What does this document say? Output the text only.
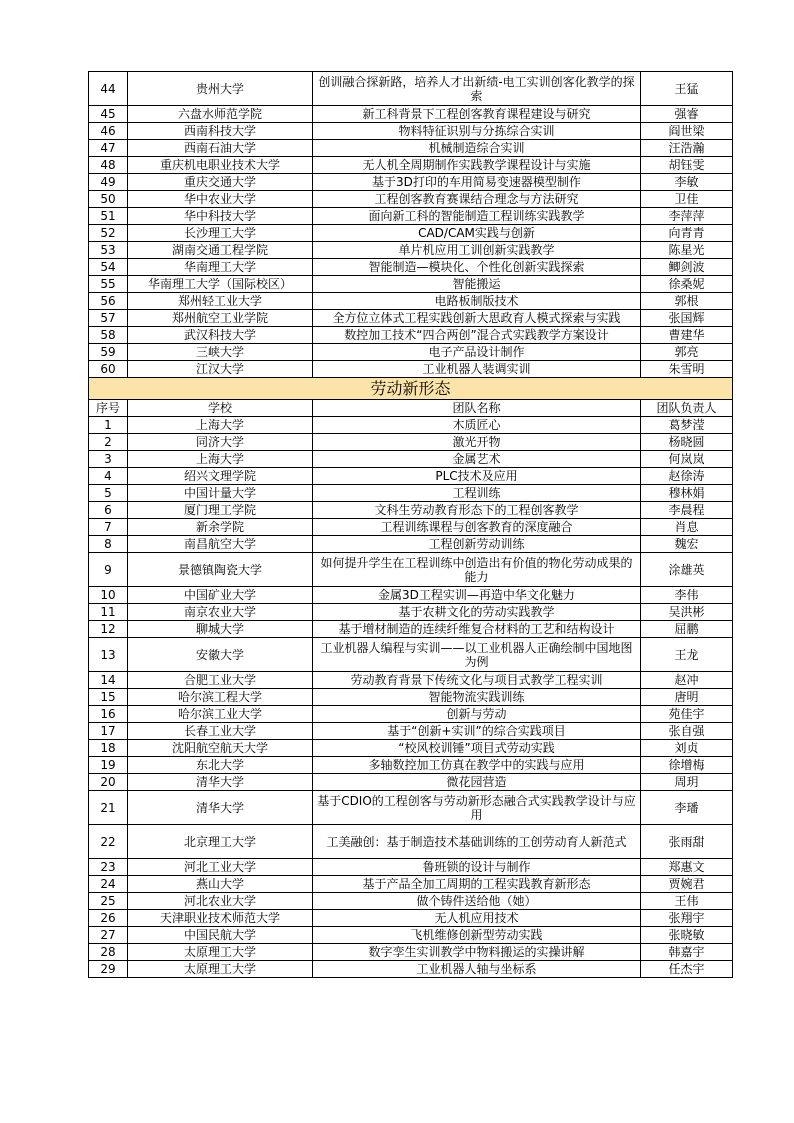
44	贵州大学	创训融合探新路，培养人才出新绩-电工实训创客化教学的探索	王猛
45	六盘水师范学院	新工科背景下工程创客教育课程建设与研究	强睿
46	西南科技大学	物料特征识别与分拣综合实训	阎世梁
47	西南石油大学	机械制造综合实训	汪浩瀚
48	重庆机电职业技术大学	无人机全周期制作实践教学课程设计与实施	胡钰雯
49	重庆交通大学	基于3D打印的车用简易变速器模型制作	李敏
50	华中农业大学	工程创客教育赛课结合理念与方法研究	卫佳
51	华中科技大学	面向新工科的智能制造工程训练实践教学	李萍萍
52	长沙理工大学	CAD/CAM实践与创新	向青青
53	湖南交通工程学院	单片机应用工训创新实践教学	陈星光
54	华南理工大学	智能制造—模块化、个性化创新实践探索	鲫剑波
55	华南理工大学（国际校区）	智能搬运	徐桑妮
56	郑州轻工业大学	电路板制版技术	郭根
57	郑州航空工业学院	全方位立体式工程实践创新大思政育人模式探索与实践	张国辉
58	武汉科技大学	数控加工技术“四合两创”混合式实践教学方案设计	曹建华
59	三峡大学	电子产品设计制作	郭亮
60	江汉大学	工业机器人装调实训	朱雪明
劳动新形态			
序号	学校	团队名称	团队负责人
1	上海大学	木质匠心	葛梦滢
2	同济大学	激光开物	杨晓圆
3	上海大学	金属艺术	何岚岚
4	绍兴文理学院	PLC技术及应用	赵徐涛
5	中国计量大学	工程训练	穆林娟
6	厦门理工学院	文科生劳动教育形态下的工程创客教学	李晨程
7	新余学院	工程训练课程与创客教育的深度融合	肖息
8	南昌航空大学	工程创新劳动训练	魏宏
9	景德镇陶瓷大学	如何提升学生在工程训练中创造出有价值的物化劳动成果的能力	涂雄英
10	中国矿业大学	金属3D工程实训—再造中华文化魅力	李伟
11	南京农业大学	基于农耕文化的劳动实践教学	吴洪彬
12	聊城大学	基于增材制造的连续纤维复合材料的工艺和结构设计	屈鹏
13	安徽大学	工业机器人编程与实训——以工业机器人正确绘制中国地图为例	王龙
14	合肥工业大学	劳动教育背景下传统文化与项目式教学工程实训	赵冲
15	哈尔滨工程大学	智能物流实践训练	唐明
16	哈尔滨工业大学	创新与劳动	苑佳宇
17	长春工业大学	基于“创新+实训”的综合实践项目	张自强
18	沈阳航空航天大学	“校风校训锤”项目式劳动实践	刘贞
19	东北大学	多轴数控加工仿真在教学中的实践与应用	徐增梅
20	清华大学	微花园营造	周玥
21	清华大学	基于CDIO的工程创客与劳动新形态融合式实践教学设计与应用	李璠
22	北京理工大学	工美融创：基于制造技术基础训练的工创劳动育人新范式	张雨甜
23	河北工业大学	鲁班锁的设计与制作	郑惠文
24	燕山大学	基于产品全加工周期的工程实践教育新形态	贾婉君
25	河北农业大学	做个铸件送给他（她）	王伟
26	天津职业技术师范大学	无人机应用技术	张翔宇
27	中国民航大学	飞机维修创新型劳动实践	张晓敏
28	太原理工大学	数字孪生实训教学中物料搬运的实操讲解	韩嘉宇
29	太原理工大学	工业机器人轴与坐标系	任杰宇
